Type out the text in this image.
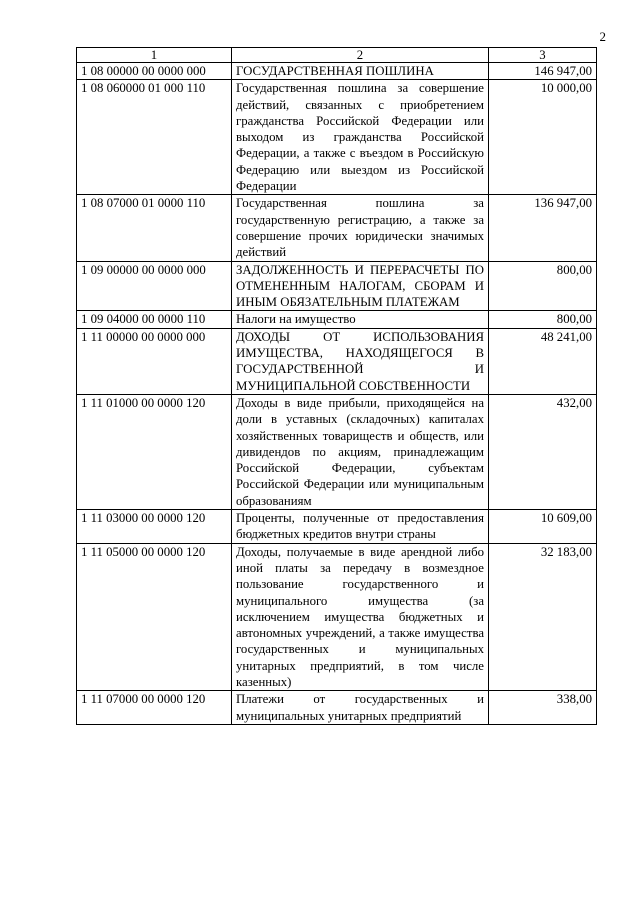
2
1	2	3
1 08 00000 00 0000 000	ГОСУДАРСТВЕННАЯ ПОШЛИНА	146 947,00
1 08 060000 01 000 110	Государственная пошлина за совершение действий, связанных с приобретением гражданства Российской Федерации или выходом из гражданства Российской Федерации, а также с въездом в Российскую Федерацию или выездом из Российской Федерации	10 000,00
1 08 07000 01 0000 110	Государственная пошлина за государственную регистрацию, а также за совершение прочих юридически значимых действий	136 947,00
1 09 00000 00 0000 000	ЗАДОЛЖЕННОСТЬ И ПЕРЕРАСЧЕТЫ ПО ОТМЕНЕННЫМ НАЛОГАМ, СБОРАМ И ИНЫМ ОБЯЗАТЕЛЬНЫМ ПЛАТЕЖАМ	800,00
1 09 04000 00 0000 110	Налоги на имущество	800,00
1 11 00000 00 0000 000	ДОХОДЫ ОТ ИСПОЛЬЗОВАНИЯ ИМУЩЕСТВА, НАХОДЯЩЕГОСЯ В ГОСУДАРСТВЕННОЙ И МУНИЦИПАЛЬНОЙ СОБСТВЕННОСТИ	48 241,00
1 11 01000 00 0000 120	Доходы в виде прибыли, приходящейся на доли в уставных (складочных) капиталах хозяйственных товариществ и обществ, или дивидендов по акциям, принадлежащим Российской Федерации, субъектам Российской Федерации или муниципальным образованиям	432,00
1 11 03000 00 0000 120	Проценты, полученные от предоставления бюджетных кредитов внутри страны	10 609,00
1 11 05000 00 0000 120	Доходы, получаемые в виде арендной либо иной платы за передачу в возмездное пользование государственного и муниципального имущества (за исключением имущества бюджетных и автономных учреждений, а также имущества государственных и муниципальных унитарных предприятий, в том числе казенных)	32 183,00
1 11 07000 00 0000 120	Платежи от государственных и муниципальных унитарных предприятий	338,00
